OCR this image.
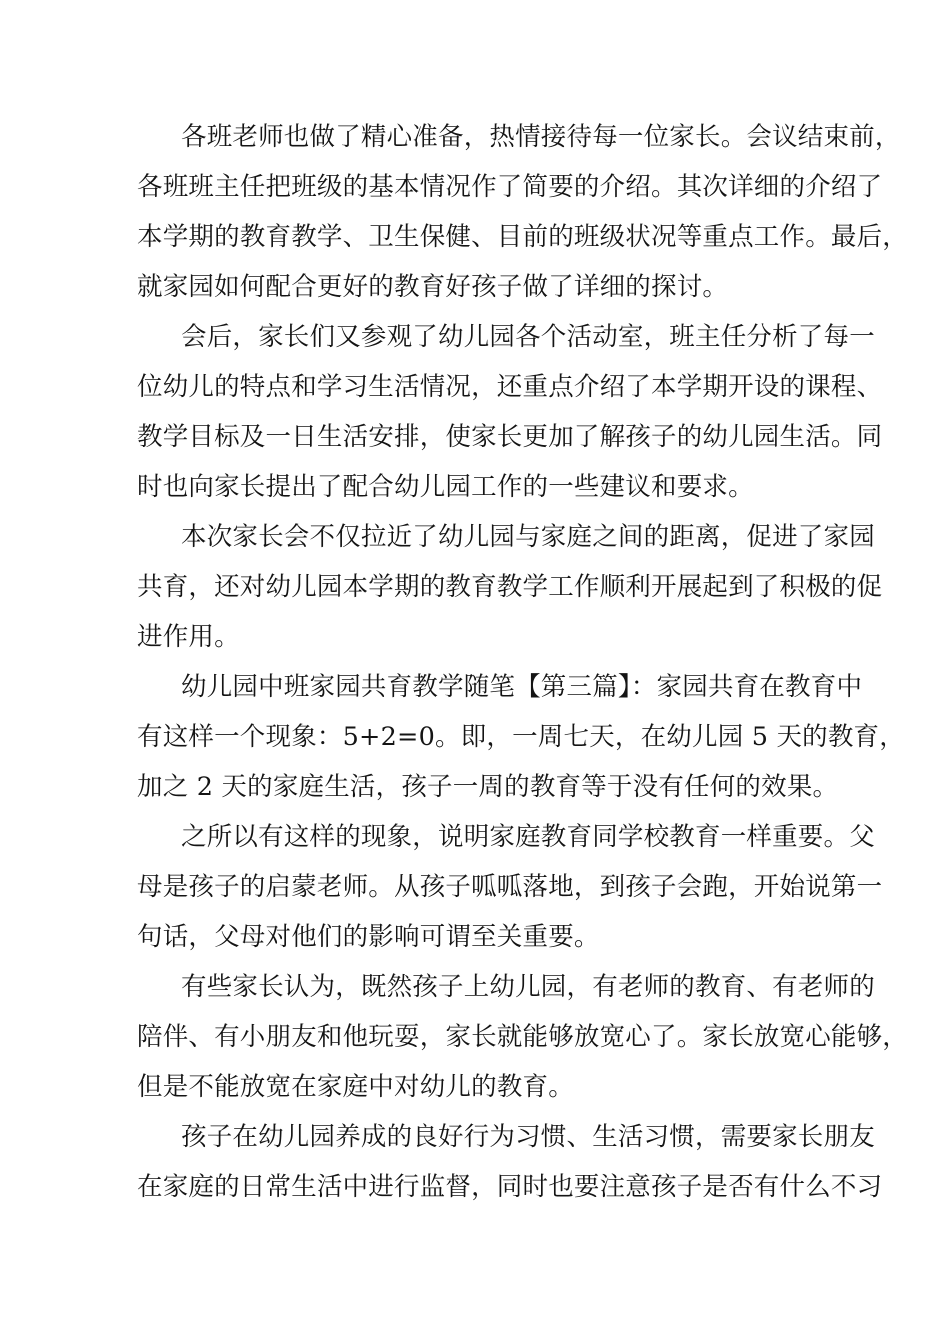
各班老师也做了精心准备，热情接待每一位家长。会议结束前，
各班班主任把班级的基本情况作了简要的介绍。其次详细的介绍了
本学期的教育教学、卫生保健、目前的班级状况等重点工作。最后，
就家园如何配合更好的教育好孩子做了详细的探讨。

会后，家长们又参观了幼儿园各个活动室，班主任分析了每一
位幼儿的特点和学习生活情况，还重点介绍了本学期开设的课程、
教学目标及一日生活安排，使家长更加了解孩子的幼儿园生活。同
时也向家长提出了配合幼儿园工作的一些建议和要求。

本次家长会不仅拉近了幼儿园与家庭之间的距离，促进了家园
共育，还对幼儿园本学期的教育教学工作顺利开展起到了积极的促
进作用。

幼儿园中班家园共育教学随笔【第三篇】：家园共育在教育中
有这样一个现象：5+2=0。即，一周七天，在幼儿园 5 天的教育，
加之 2 天的家庭生活，孩子一周的教育等于没有任何的效果。

之所以有这样的现象，说明家庭教育同学校教育一样重要。父
母是孩子的启蒙老师。从孩子呱呱落地，到孩子会跑，开始说第一
句话，父母对他们的影响可谓至关重要。

有些家长认为，既然孩子上幼儿园，有老师的教育、有老师的
陪伴、有小朋友和他玩耍，家长就能够放宽心了。家长放宽心能够，
但是不能放宽在家庭中对幼儿的教育。

孩子在幼儿园养成的良好行为习惯、生活习惯，需要家长朋友
在家庭的日常生活中进行监督，同时也要注意孩子是否有什么不习
